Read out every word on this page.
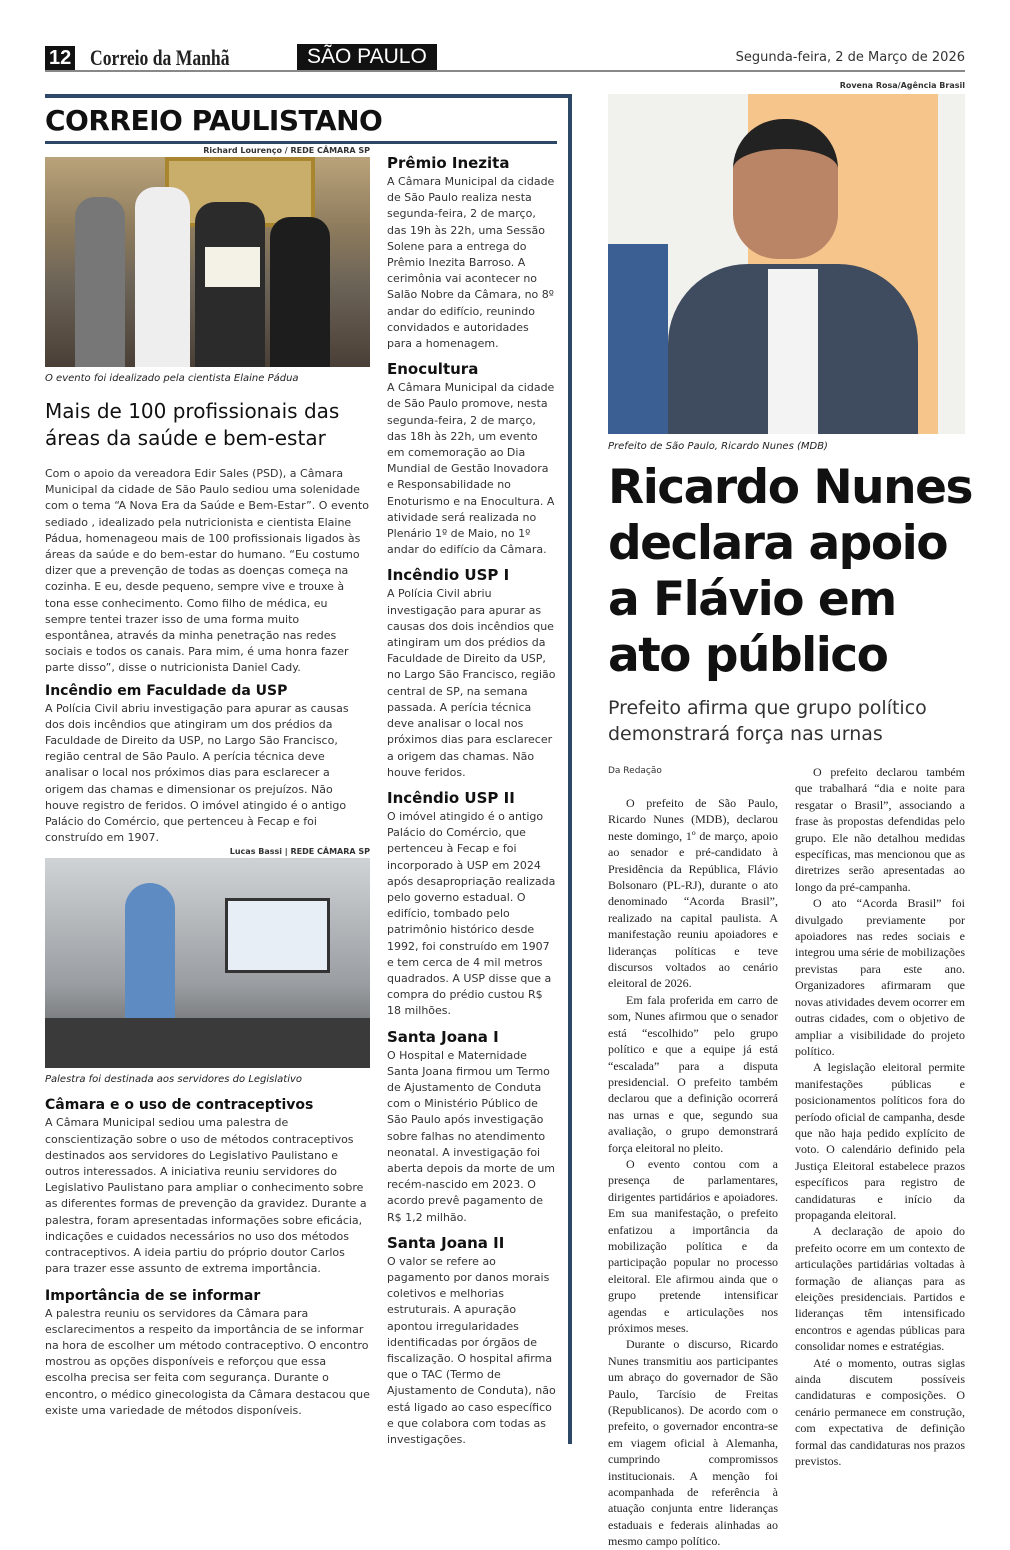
12 Correio da Manhã	SÃO PAULO	Segunda-feira, 2 de Março de 2026
CORREIO PAULISTANO
Richard Lourenço / REDE CÂMARA SP
O evento foi idealizado pela cientista Elaine Pádua
Mais de 100 profissionais das áreas da saúde e bem-estar
Com o apoio da vereadora Edir Sales (PSD), a Câmara Municipal da cidade de São Paulo sediou uma solenidade com o tema “A Nova Era da Saúde e Bem-Estar”. O evento sediado , idealizado pela nutricionista e cientista Elaine Pádua, homenageou mais de 100 profissionais ligados às áreas da saúde e do bem-estar do humano. “Eu costumo dizer que a prevenção de todas as doenças começa na cozinha. E eu, desde pequeno, sempre vive e trouxe à tona esse conhecimento. Como filho de médica, eu sempre tentei trazer isso de uma forma muito espontânea, através da minha penetração nas redes sociais e todos os canais. Para mim, é uma honra fazer parte disso”, disse o nutricionista Daniel Cady.
Incêndio em Faculdade da USP
A Polícia Civil abriu investigação para apurar as causas dos dois incêndios que atingiram um dos prédios da Faculdade de Direito da USP, no Largo São Francisco, região central de São Paulo. A perícia técnica deve analisar o local nos próximos dias para esclarecer a origem das chamas e dimensionar os prejuízos. Não houve registro de feridos. O imóvel atingido é o antigo Palácio do Comércio, que pertenceu à Fecap e foi construído em 1907.
Lucas Bassi | REDE CÂMARA SP
Palestra foi destinada aos servidores do Legislativo
Câmara e o uso de contraceptivos
A Câmara Municipal sediou uma palestra de conscientização sobre o uso de métodos contraceptivos destinados aos servidores do Legislativo Paulistano e outros interessados. A iniciativa reuniu servidores do Legislativo Paulistano para ampliar o conhecimento sobre as diferentes formas de prevenção da gravidez. Durante a palestra, foram apresentadas informações sobre eficácia, indicações e cuidados necessários no uso dos métodos contraceptivos. A ideia partiu do próprio doutor Carlos para trazer esse assunto de extrema importância.
Importância de se informar
A palestra reuniu os servidores da Câmara para esclarecimentos a respeito da importância de se informar na hora de escolher um método contraceptivo. O encontro mostrou as opções disponíveis e reforçou que essa escolha precisa ser feita com segurança. Durante o encontro, o médico ginecologista da Câmara destacou que existe uma variedade de métodos disponíveis.
Prêmio Inezita
A Câmara Municipal da cidade de São Paulo realiza nesta segunda-feira, 2 de março, das 19h às 22h, uma Sessão Solene para a entrega do Prêmio Inezita Barroso. A cerimônia vai acontecer no Salão Nobre da Câmara, no 8º andar do edifício, reunindo convidados e autoridades para a homenagem.
Enocultura
A Câmara Municipal da cidade de São Paulo promove, nesta segunda-feira, 2 de março, das 18h às 22h, um evento em comemoração ao Dia Mundial de Gestão Inovadora e Responsabilidade no Enoturismo e na Enocultura. A atividade será realizada no Plenário 1º de Maio, no 1º andar do edifício da Câmara.
Incêndio USP I
A Polícia Civil abriu investigação para apurar as causas dos dois incêndios que atingiram um dos prédios da Faculdade de Direito da USP, no Largo São Francisco, região central de SP, na semana passada. A perícia técnica deve analisar o local nos próximos dias para esclarecer a origem das chamas. Não houve feridos.
Incêndio USP II
O imóvel atingido é o antigo Palácio do Comércio, que pertenceu à Fecap e foi incorporado à USP em 2024 após desapropriação realizada pelo governo estadual. O edifício, tombado pelo patrimônio histórico desde 1992, foi construído em 1907 e tem cerca de 4 mil metros quadrados. A USP disse que a compra do prédio custou R$ 18 milhões.
Santa Joana I
O Hospital e Maternidade Santa Joana firmou um Termo de Ajustamento de Conduta com o Ministério Público de São Paulo após investigação sobre falhas no atendimento neonatal. A investigação foi aberta depois da morte de um recém-nascido em 2023. O acordo prevê pagamento de R$ 1,2 milhão.
Santa Joana II
O valor se refere ao pagamento por danos morais coletivos e melhorias estruturais. A apuração apontou irregularidades identificadas por órgãos de fiscalização. O hospital afirma que o TAC (Termo de Ajustamento de Conduta), não está ligado ao caso específico e que colabora com todas as investigações.
Rovena Rosa/Agência Brasil
Prefeito de São Paulo, Ricardo Nunes (MDB)
Ricardo Nunes declara apoio a Flávio em ato público
Prefeito afirma que grupo político demonstrará força nas urnas
Da Redação

O prefeito de São Paulo, Ricardo Nunes (MDB), declarou neste domingo, 1º de março, apoio ao senador e pré-candidato à Presidência da República, Flávio Bolsonaro (PL-RJ), durante o ato denominado “Acorda Brasil”, realizado na capital paulista. A manifestação reuniu apoiadores e lideranças políticas e teve discursos voltados ao cenário eleitoral de 2026.

Em fala proferida em carro de som, Nunes afirmou que o senador está “escolhido” pelo grupo político e que a equipe já está “escalada” para a disputa presidencial. O prefeito também declarou que a definição ocorrerá nas urnas e que, segundo sua avaliação, o grupo demonstrará força eleitoral no pleito.

O evento contou com a presença de parlamentares, dirigentes partidários e apoiadores. Em sua manifestação, o prefeito enfatizou a importância da mobilização política e da participação popular no processo eleitoral. Ele afirmou ainda que o grupo pretende intensificar agendas e articulações nos próximos meses.

Durante o discurso, Ricardo Nunes transmitiu aos participantes um abraço do governador de São Paulo, Tarcísio de Freitas (Republicanos). De acordo com o prefeito, o governador encontra-se em viagem oficial à Alemanha, cumprindo compromissos institucionais. A menção foi acompanhada de referência à atuação conjunta entre lideranças estaduais e federais alinhadas ao mesmo campo político.

O prefeito declarou também que trabalhará “dia e noite para resgatar o Brasil”, associando a frase às propostas defendidas pelo grupo. Ele não detalhou medidas específicas, mas mencionou que as diretrizes serão apresentadas ao longo da pré-campanha.

O ato “Acorda Brasil” foi divulgado previamente por apoiadores nas redes sociais e integrou uma série de mobilizações previstas para este ano. Organizadores afirmaram que novas atividades devem ocorrer em outras cidades, com o objetivo de ampliar a visibilidade do projeto político.

A legislação eleitoral permite manifestações públicas e posicionamentos políticos fora do período oficial de campanha, desde que não haja pedido explícito de voto. O calendário definido pela Justiça Eleitoral estabelece prazos específicos para registro de candidaturas e início da propaganda eleitoral.

A declaração de apoio do prefeito ocorre em um contexto de articulações partidárias voltadas à formação de alianças para as eleições presidenciais. Partidos e lideranças têm intensificado encontros e agendas públicas para consolidar nomes e estratégias.

Até o momento, outras siglas ainda discutem possíveis candidaturas e composições. O cenário permanece em construção, com expectativa de definição formal das candidaturas nos prazos previstos.
